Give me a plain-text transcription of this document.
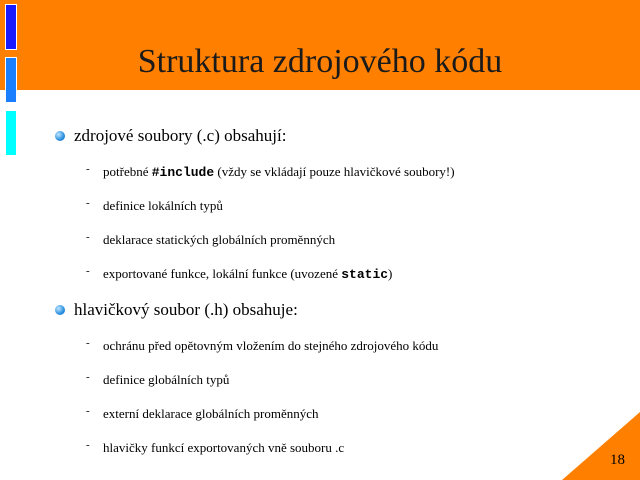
Struktura zdrojového kódu
zdrojové soubory (.c) obsahují:
- potřebné #include (vždy se vkládají pouze hlavičkové soubory!)
- definice lokálních typů
- deklarace statických globálních proměnných
- exportované funkce, lokální funkce (uvozené static)
hlavičkový soubor (.h) obsahuje:
- ochránu před opětovným vložením do stejného zdrojového kódu
- definice globálních typů
- externí deklarace globálních proměnných
- hlavičky funkcí exportovaných vně souboru .c
18
